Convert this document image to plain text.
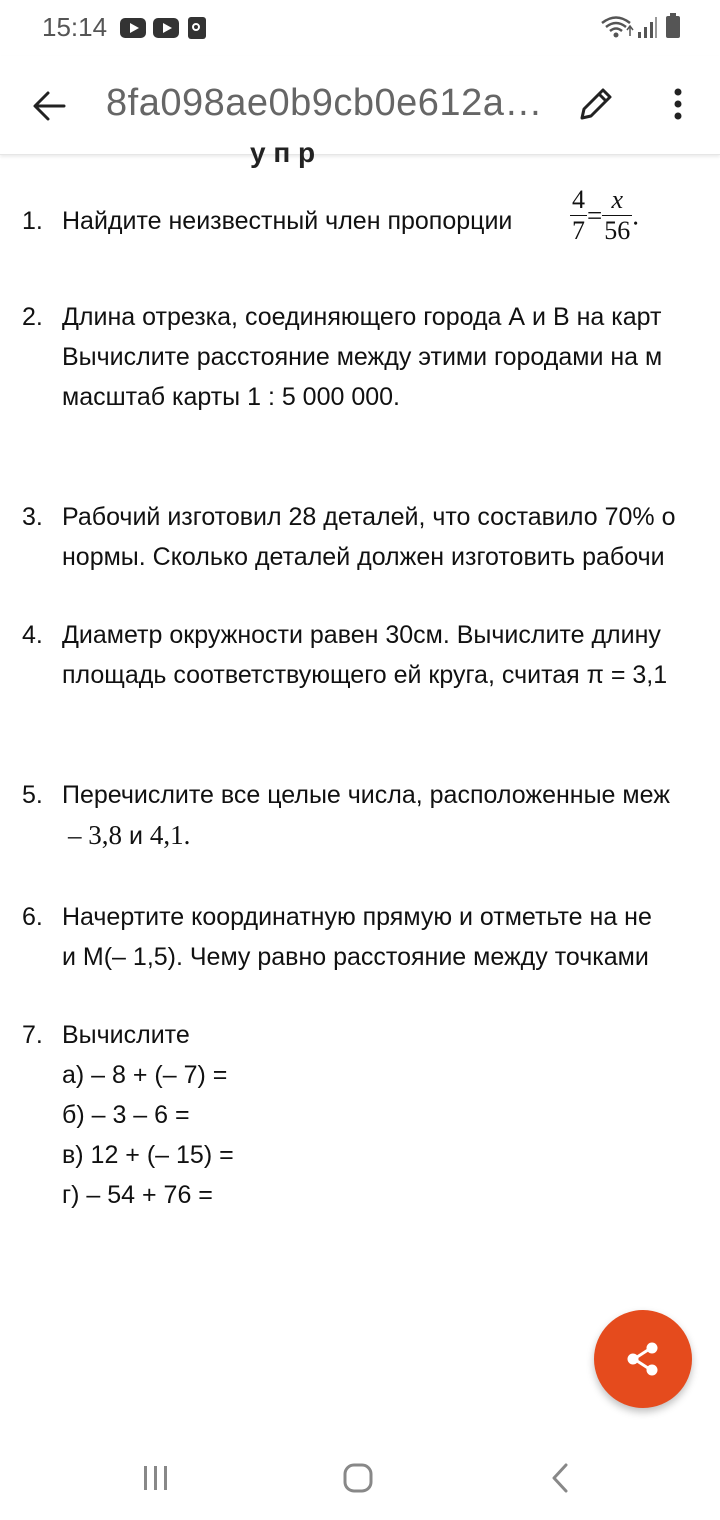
15:14
8fa098ae0b9cb0e612a…
у п р
1. Найдите неизвестный член пропорции $\frac{4}{7} = \frac{x}{56}$ .
2. Длина отрезка, соединяющего города А и В на карт
Вычислите расстояние между этими городами на м
масштаб карты 1 : 5 000 000.
3. Рабочий изготовил 28 деталей, что составило 70% о
нормы. Сколько деталей должен изготовить рабочи
4. Диаметр окружности равен 30см. Вычислите длину
площадь соответствующего ей круга, считая π = 3,1
5. Перечислите все целые числа, расположенные меж
– 3,8 и 4,1.
6. Начертите координатную прямую и отметьте на не
и М(– 1,5). Чему равно расстояние между точками
7. Вычислите
а) – 8 + (– 7) =
б) – 3 – 6 =
в) 12 + (– 15) =
г) – 54 + 76 =
